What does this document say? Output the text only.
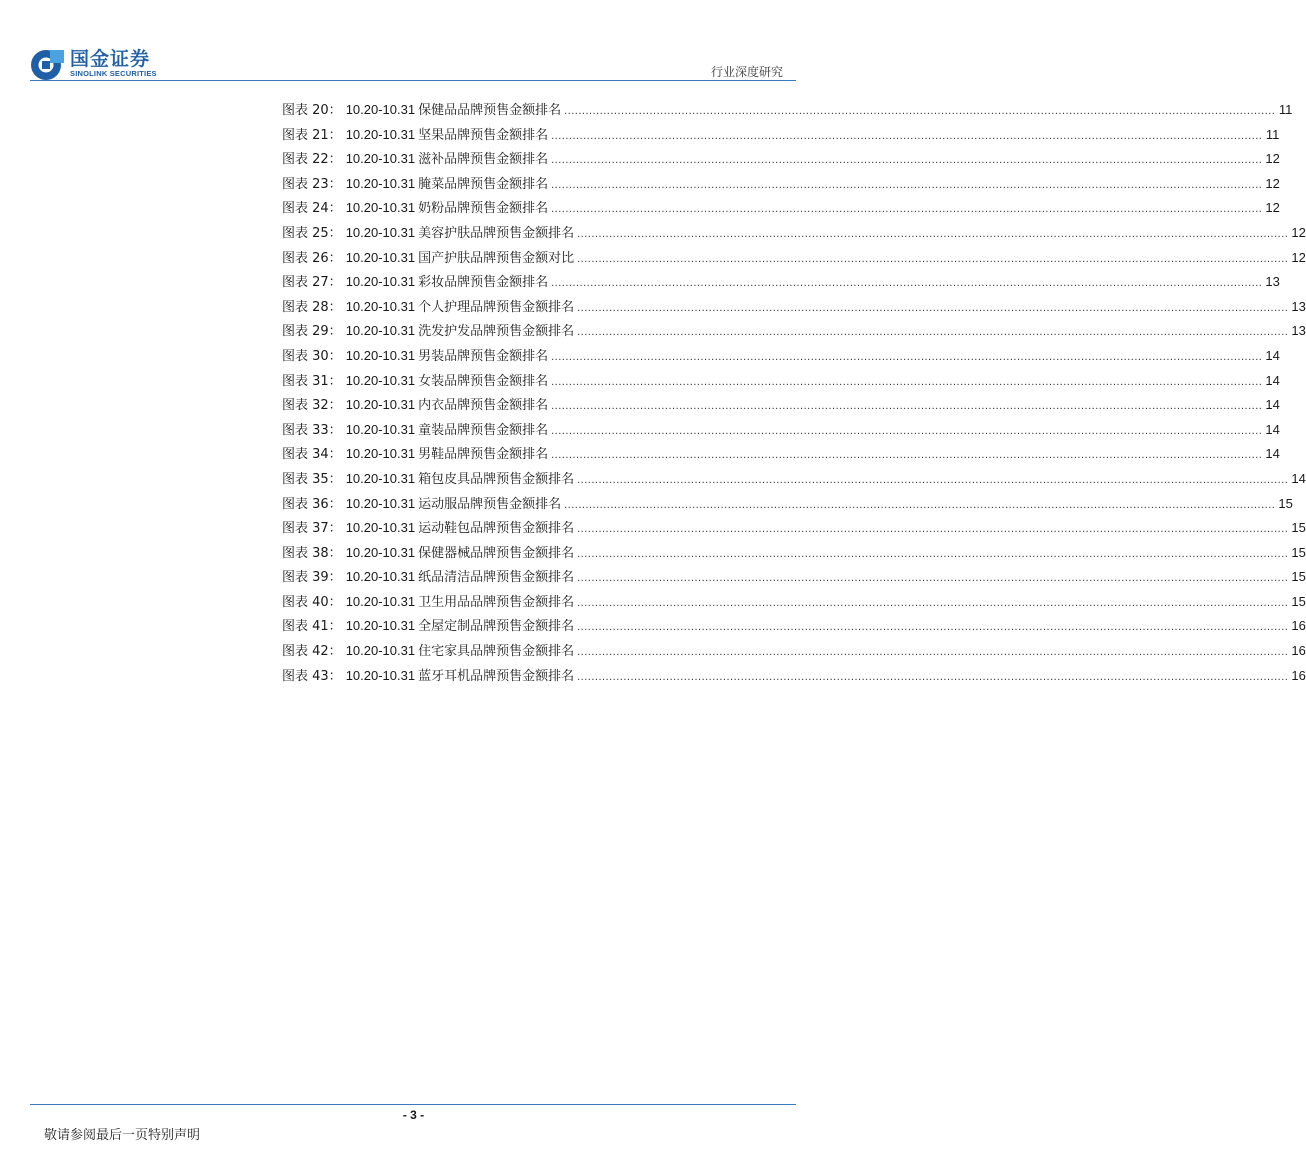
国金证券
SINOLINK SECURITIES	行业深度研究
图表 20： 10.20-10.31 保健品品牌预售金额排名 ........................................................................................................................................................................................................ 11
图表 21： 10.20-10.31 坚果品牌预售金额排名 ........................................................................................................................................................................................................ 11
图表 22： 10.20-10.31 滋补品牌预售金额排名 ........................................................................................................................................................................................................ 12
图表 23： 10.20-10.31 腌菜品牌预售金额排名 ........................................................................................................................................................................................................ 12
图表 24： 10.20-10.31 奶粉品牌预售金额排名 ........................................................................................................................................................................................................ 12
图表 25： 10.20-10.31 美容护肤品牌预售金额排名 ........................................................................................................................................................................................................ 12
图表 26： 10.20-10.31 国产护肤品牌预售金额对比 ........................................................................................................................................................................................................ 12
图表 27： 10.20-10.31 彩妆品牌预售金额排名 ........................................................................................................................................................................................................ 13
图表 28： 10.20-10.31 个人护理品牌预售金额排名 ........................................................................................................................................................................................................ 13
图表 29： 10.20-10.31 洗发护发品牌预售金额排名 ........................................................................................................................................................................................................ 13
图表 30： 10.20-10.31 男装品牌预售金额排名 ........................................................................................................................................................................................................ 14
图表 31： 10.20-10.31 女装品牌预售金额排名 ........................................................................................................................................................................................................ 14
图表 32： 10.20-10.31 内衣品牌预售金额排名 ........................................................................................................................................................................................................ 14
图表 33： 10.20-10.31 童装品牌预售金额排名 ........................................................................................................................................................................................................ 14
图表 34： 10.20-10.31 男鞋品牌预售金额排名 ........................................................................................................................................................................................................ 14
图表 35： 10.20-10.31 箱包皮具品牌预售金额排名 ........................................................................................................................................................................................................ 14
图表 36： 10.20-10.31 运动服品牌预售金额排名 ........................................................................................................................................................................................................ 15
图表 37： 10.20-10.31 运动鞋包品牌预售金额排名 ........................................................................................................................................................................................................ 15
图表 38： 10.20-10.31 保健器械品牌预售金额排名 ........................................................................................................................................................................................................ 15
图表 39： 10.20-10.31 纸品清洁品牌预售金额排名 ........................................................................................................................................................................................................ 15
图表 40： 10.20-10.31 卫生用品品牌预售金额排名 ........................................................................................................................................................................................................ 15
图表 41： 10.20-10.31 全屋定制品牌预售金额排名 ........................................................................................................................................................................................................ 16
图表 42： 10.20-10.31 住宅家具品牌预售金额排名 ........................................................................................................................................................................................................ 16
图表 43： 10.20-10.31 蓝牙耳机品牌预售金额排名 ........................................................................................................................................................................................................ 16
- 3 -
敬请参阅最后一页特别声明
